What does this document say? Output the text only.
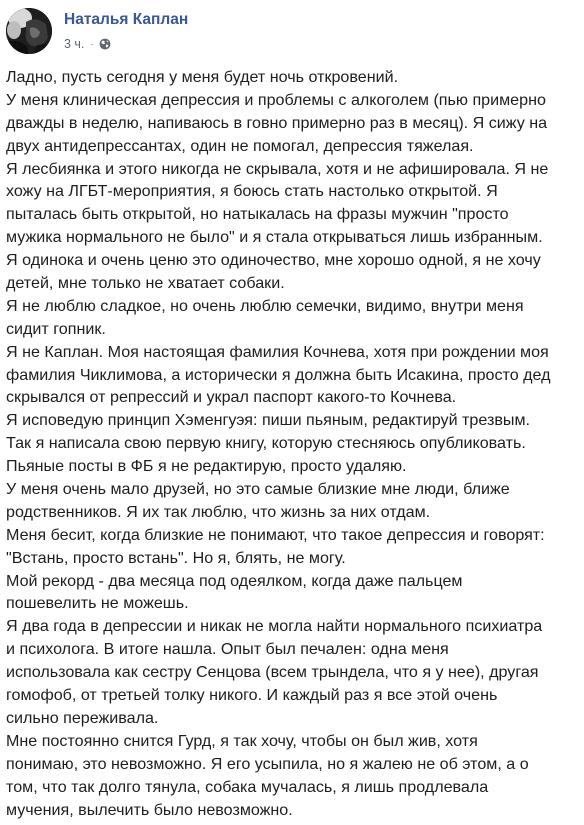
Наталья Каплан
3 ч. ·
Ладно, пусть сегодня у меня будет ночь откровений.
У меня клиническая депрессия и проблемы с алкоголем (пью примерно
дважды в неделю, напиваюсь в говно примерно раз в месяц). Я сижу на
двух антидепрессантах, один не помогал, депрессия тяжелая.
Я лесбиянка и этого никогда не скрывала, хотя и не афишировала. Я не
хожу на ЛГБТ-мероприятия, я боюсь стать настолько открытой. Я
пыталась быть открытой, но натыкалась на фразы мужчин "просто
мужика нормального не было" и я стала открываться лишь избранным.
Я одинока и очень ценю это одиночество, мне хорошо одной, я не хочу
детей, мне только не хватает собаки.
Я не люблю сладкое, но очень люблю семечки, видимо, внутри меня
сидит гопник.
Я не Каплан. Моя настоящая фамилия Кочнева, хотя при рождении моя
фамилия Чиклимова, а исторически я должна быть Исакина, просто дед
скрывался от репрессий и украл паспорт какого-то Кочнева.
Я исповедую принцип Хэменгуэя: пиши пьяным, редактируй трезвым.
Так я написала свою первую книгу, которую стесняюсь опубликовать.
Пьяные посты в ФБ я не редактирую, просто удаляю.
У меня очень мало друзей, но это самые близкие мне люди, ближе
родственников. Я их так люблю, что жизнь за них отдам.
Меня бесит, когда близкие не понимают, что такое депрессия и говорят:
"Встань, просто встань". Но я, блять, не могу.
Мой рекорд - два месяца под одеялком, когда даже пальцем
пошевелить не можешь.
Я два года в депрессии и никак не могла найти нормального психиатра
и психолога. В итоге нашла. Опыт был печален: одна меня
использовала как сестру Сенцова (всем трындела, что я у нее), другая
гомофоб, от третьей толку никого. И каждый раз я все этой очень
сильно переживала.
Мне постоянно снится Гурд, я так хочу, чтобы он был жив, хотя
понимаю, это невозможно. Я его усыпила, но я жалею не об этом, а о
том, что так долго тянула, собака мучалась, я лишь продлевала
мучения, вылечить было невозможно.
